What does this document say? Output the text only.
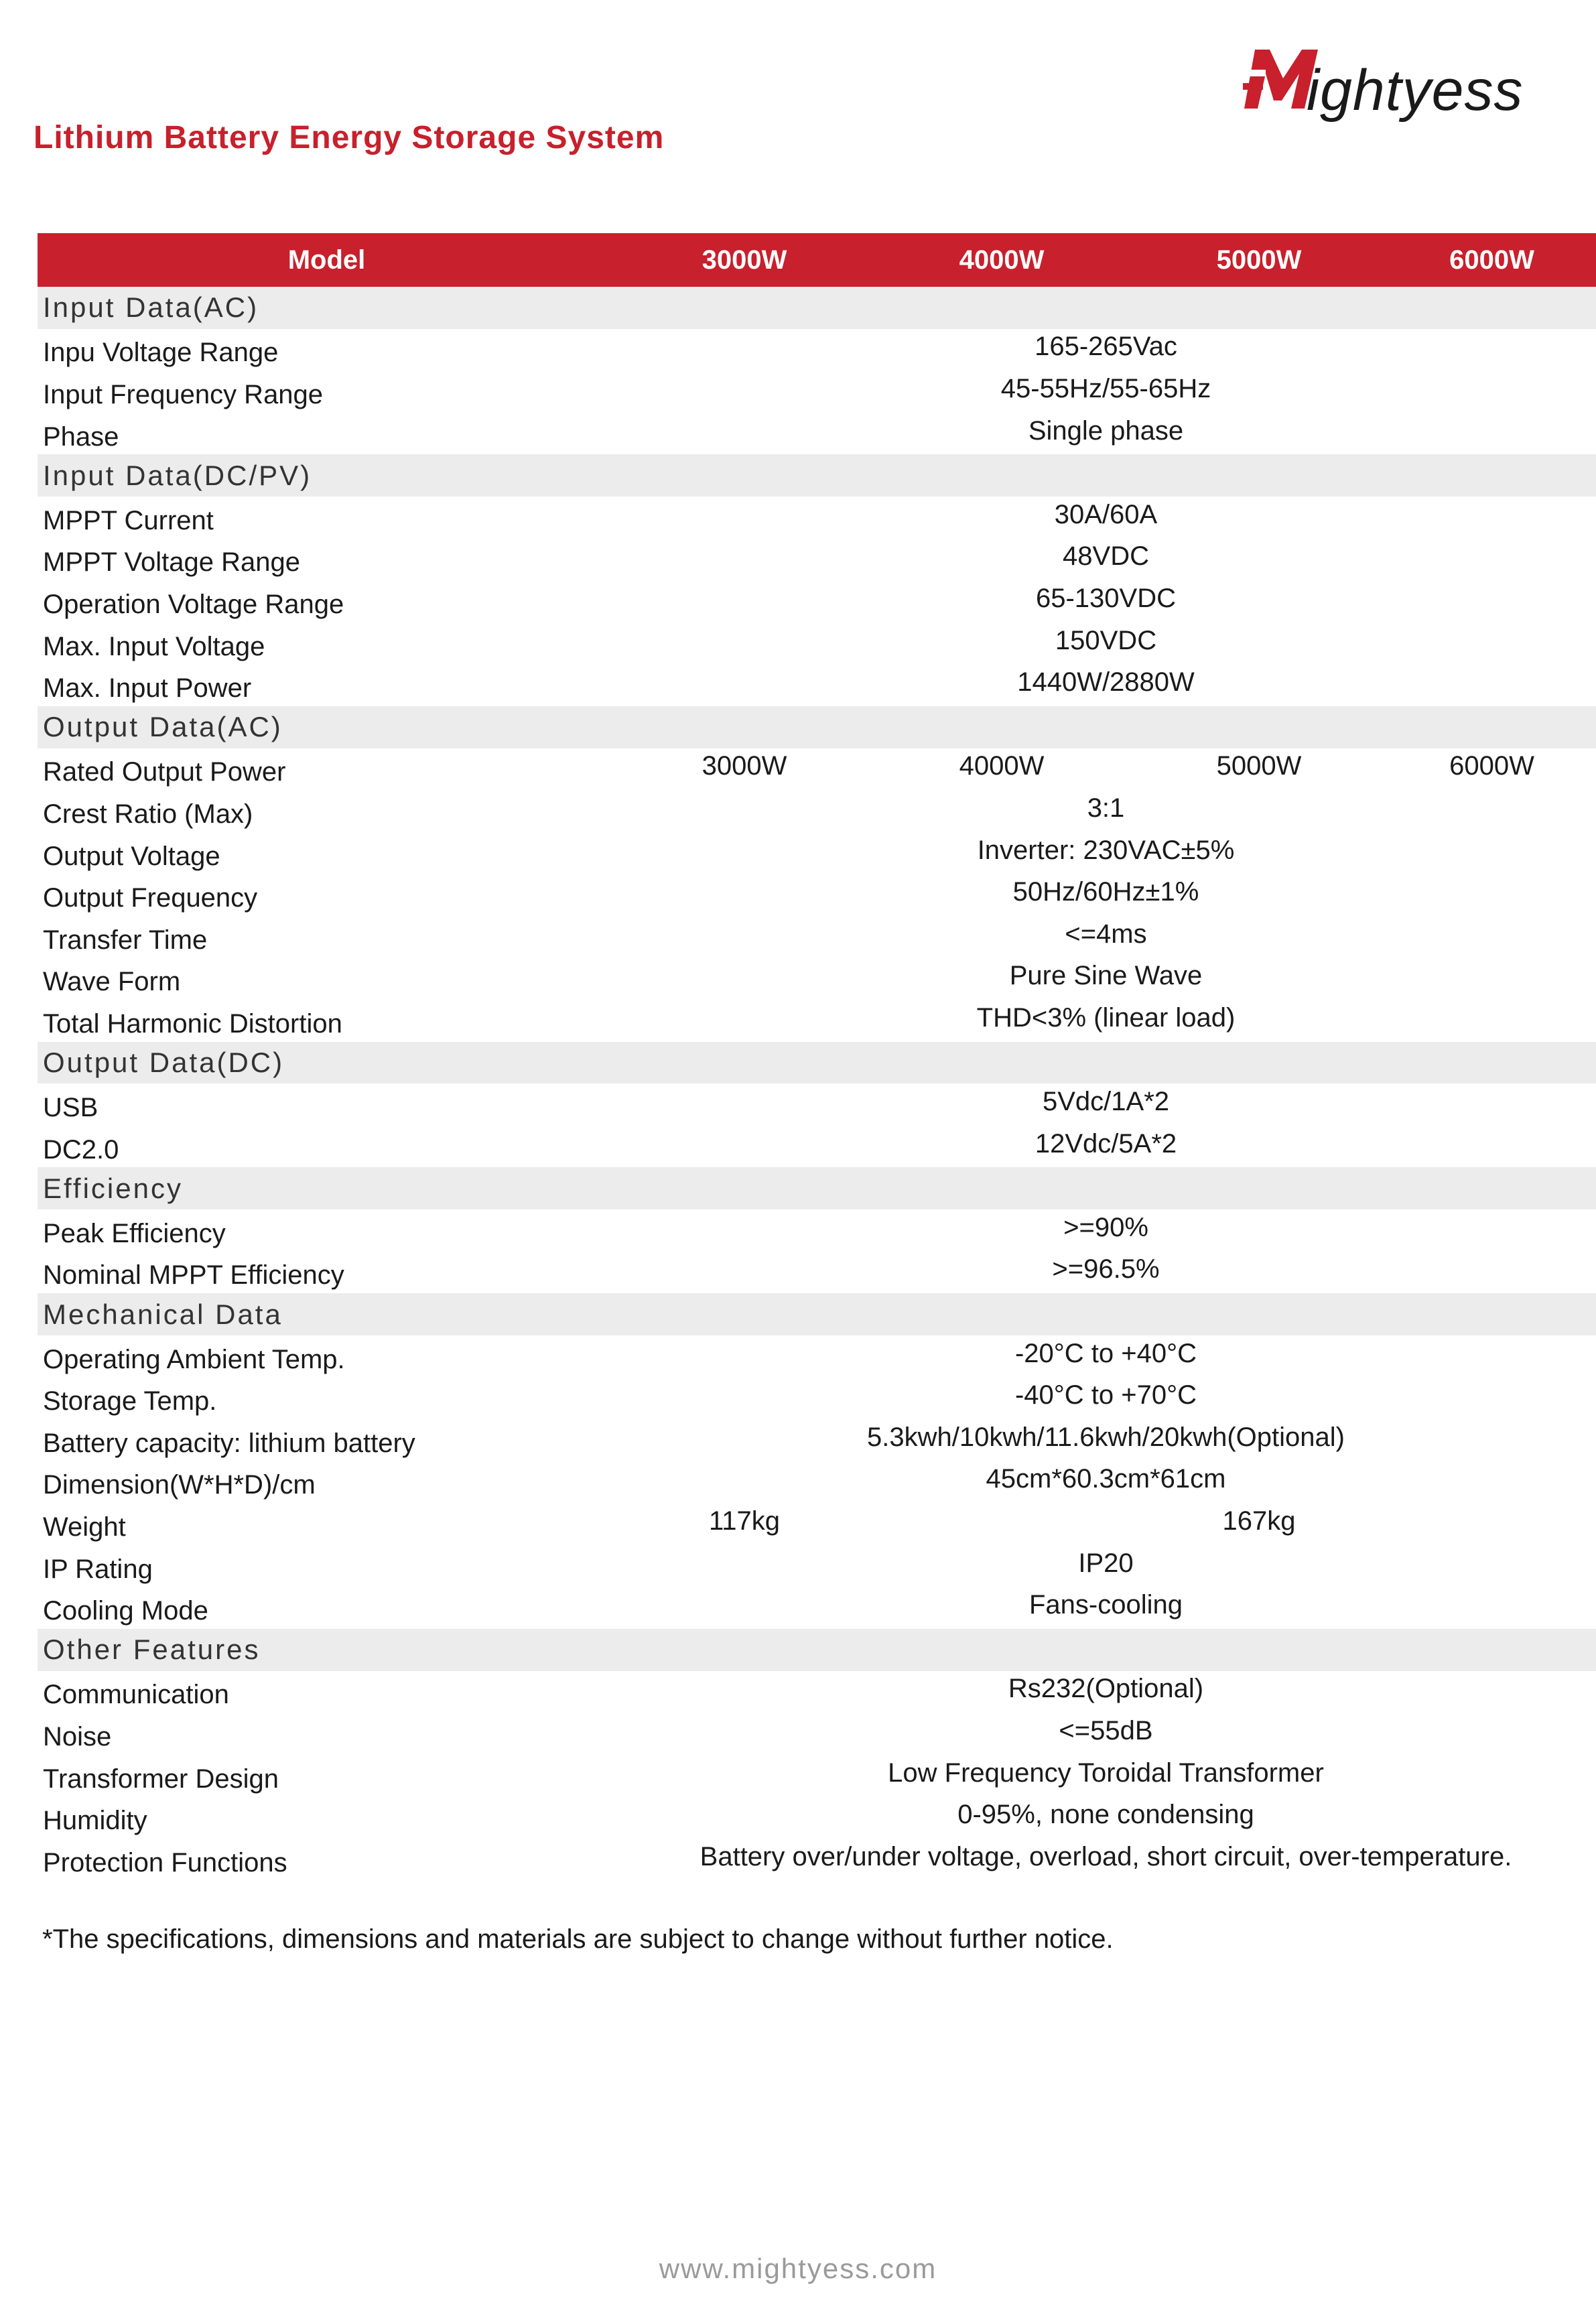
ightyess
Lithium Battery Energy Storage System
Model	3000W	4000W	5000W	6000W
Input Data(AC)				
Inpu Voltage Range	165-265Vac			
Input Frequency Range	45-55Hz/55-65Hz			
Phase	Single phase			
Input Data(DC/PV)				
MPPT Current	30A/60A			
MPPT Voltage Range	48VDC			
Operation Voltage Range	65-130VDC			
Max. Input Voltage	150VDC			
Max. Input Power	1440W/2880W			
Output Data(AC)				
Rated Output Power	3000W	4000W	5000W	6000W
Crest Ratio (Max)	3:1			
Output Voltage	Inverter: 230VAC±5%			
Output Frequency	50Hz/60Hz±1%			
Transfer Time	<=4ms			
Wave Form	Pure Sine Wave			
Total Harmonic Distortion	THD<3% (linear load)			
Output Data(DC)				
USB	5Vdc/1A*2			
DC2.0	12Vdc/5A*2			
Efficiency				
Peak Efficiency	>=90%			
Nominal MPPT Efficiency	>=96.5%			
Mechanical Data				
Operating Ambient Temp.	-20°C to +40°C			
Storage Temp.	-40°C to +70°C			
Battery capacity: lithium battery	5.3kwh/10kwh/11.6kwh/20kwh(Optional)			
Dimension(W*H*D)/cm	45cm*60.3cm*61cm			
Weight	117kg		167kg	
IP Rating	IP20			
Cooling Mode	Fans-cooling			
Other Features				
Communication	Rs232(Optional)			
Noise	<=55dB			
Transformer Design	Low Frequency Toroidal Transformer			
Humidity	0-95%, none condensing			
Protection Functions	Battery over/under voltage, overload, short circuit, over-temperature.			
*The specifications, dimensions and materials are subject to change without further notice.
www.mightyess.com
